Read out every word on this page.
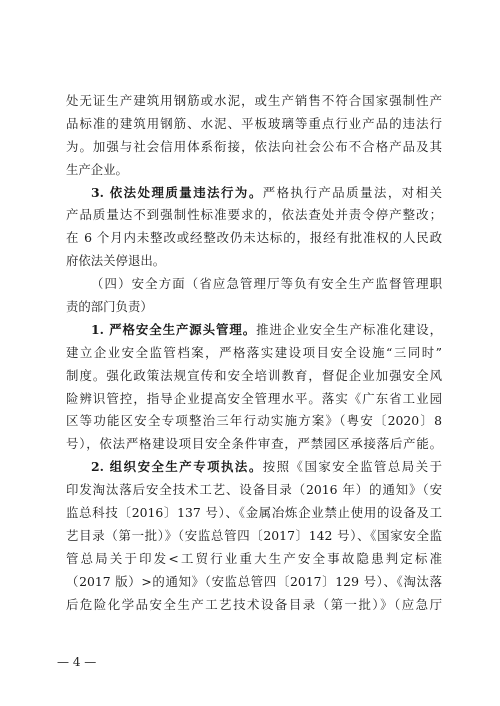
处无证生产建筑用钢筋或水泥，或生产销售不符合国家强制性产
品标准的建筑用钢筋、水泥、平板玻璃等重点行业产品的违法行
为。加强与社会信用体系衔接，依法向社会公布不合格产品及其
生产企业。
3. 依法处理质量违法行为。严格执行产品质量法，对相关
产品质量达不到强制性标准要求的，依法查处并责令停产整改；
在 6 个月内未整改或经整改仍未达标的，报经有批准权的人民政
府依法关停退出。
（四）安全方面（省应急管理厅等负有安全生产监督管理职
责的部门负责）
1. 严格安全生产源头管理。推进企业安全生产标准化建设，
建立企业安全监管档案，严格落实建设项目安全设施“三同时”
制度。强化政策法规宣传和安全培训教育，督促企业加强安全风
险辨识管控，指导企业提高安全管理水平。落实《广东省工业园
区等功能区安全专项整治三年行动实施方案》（粤安〔2020〕8
号），依法严格建设项目安全条件审查，严禁园区承接落后产能。
2. 组织安全生产专项执法。按照《国家安全监管总局关于
印发淘汰落后安全技术工艺、设备目录（2016 年）的通知》（安
监总科技〔2016〕137 号）、《金属冶炼企业禁止使用的设备及工
艺目录（第一批）》（安监总管四〔2017〕142 号）、《国家安全监
管总局关于印发<工贸行业重大生产安全事故隐患判定标准
（2017 版）>的通知》（安监总管四〔2017〕129 号）、《淘汰落
后危险化学品安全生产工艺技术设备目录（第一批）》（应急厅
— 4 —
